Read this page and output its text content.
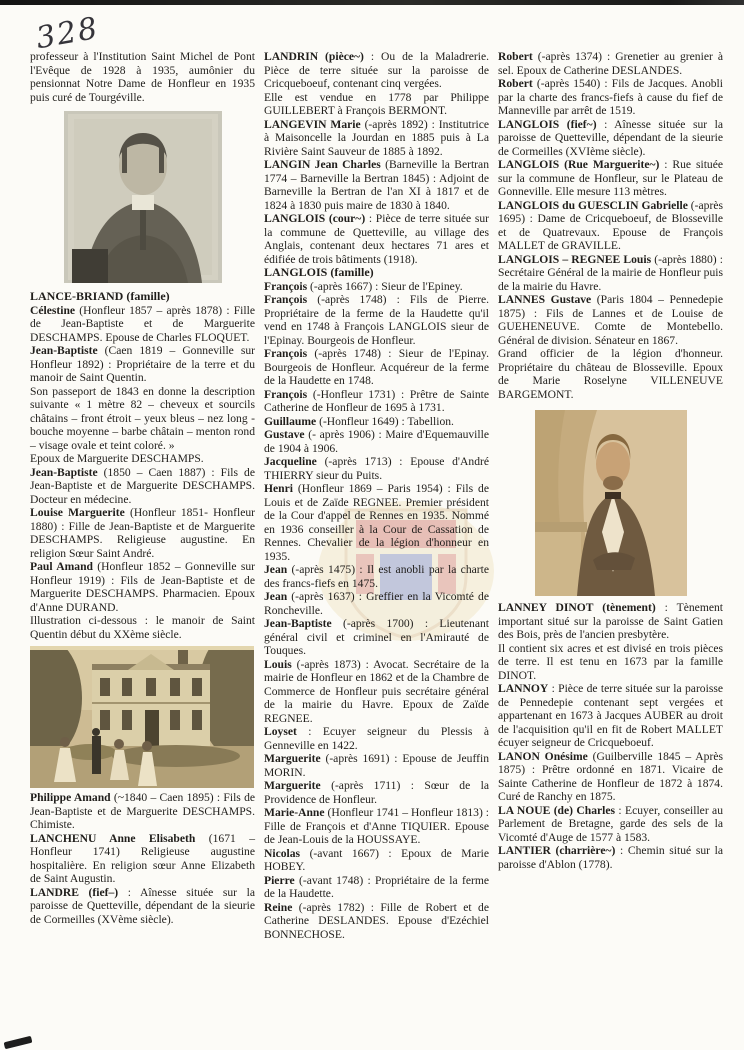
328

professeur à l'Institution Saint Michel de Pont l'Evêque de 1928 à 1935, aumônier du pensionnat Notre Dame de Honfleur en 1935 puis curé de Tourgéville.

LANCE-BRIAND (famille)

Célestine (Honfleur 1857 – après 1878) : Fille de Jean-Baptiste et de Marguerite DESCHAMPS. Epouse de Charles FLOQUET.

Jean-Baptiste (Caen 1819 – Gonneville sur Honfleur 1892) : Propriétaire de la terre et du manoir de Saint Quentin.

Son passeport de 1843 en donne la description suivante « 1 mètre 82 – cheveux et sourcils châtains – front étroit – yeux bleus – nez long - bouche moyenne – barbe châtain – menton rond – visage ovale et teint coloré. »

Epoux de Marguerite DESCHAMPS.

Jean-Baptiste (1850 – Caen 1887) : Fils de Jean-Baptiste et de Marguerite DESCHAMPS. Docteur en médecine.

Louise Marguerite (Honfleur 1851- Honfleur 1880) : Fille de Jean-Baptiste et de Marguerite DESCHAMPS. Religieuse augustine. En religion Sœur Saint André.

Paul Amand (Honfleur 1852 – Gonneville sur Honfleur 1919) : Fils de Jean-Baptiste et de Marguerite DESCHAMPS. Pharmacien. Epoux d'Anne DURAND.

Illustration ci-dessous : le manoir de Saint Quentin début du XXème siècle.

Philippe Amand (~1840 – Caen 1895) : Fils de Jean-Baptiste et de Marguerite DESCHAMPS. Chimiste.

LANCHENU Anne Elisabeth (1671 – Honfleur 1741) Religieuse augustine hospitalière. En religion sœur Anne Elizabeth de Saint Augustin.

LANDRE (fief–) : Aînesse située sur la paroisse de Quetteville, dépendant de la sieurie de Cormeilles (XVème siècle).

LANDRIN (pièce~) : Ou de la Maladrerie. Pièce de terre située sur la paroisse de Cricqueboeuf, contenant cinq vergées.

Elle est vendue en 1778 par Philippe GUILLEBERT à François BERMONT.

LANGEVIN Marie (-après 1892) : Institutrice à Maisoncelle la Jourdan en 1885 puis à La Rivière Saint Sauveur de 1885 à 1892.

LANGIN Jean Charles (Barneville la Bertran 1774 – Barneville la Bertran 1845) : Adjoint de Barneville la Bertran de l'an XI à 1817 et de 1824 à 1830 puis maire de 1830 à 1840.

LANGLOIS (cour~) : Pièce de terre située sur la commune de Quetteville, au village des Anglais, contenant deux hectares 71 ares et édifiée de trois bâtiments (1918).

LANGLOIS (famille)

François (-après 1667) : Sieur de l'Epiney.

François (-après 1748) : Fils de Pierre. Propriétaire de la ferme de la Haudette qu'il vend en 1748 à François LANGLOIS sieur de l'Epinay. Bourgeois de Honfleur.

François (-après 1748) : Sieur de l'Epinay. Bourgeois de Honfleur. Acquéreur de la ferme de la Haudette en 1748.

François (-Honfleur 1731) : Prêtre de Sainte Catherine de Honfleur de 1695 à 1731.

Guillaume (-Honfleur 1649) : Tabellion.

Gustave (- après 1906) : Maire d'Equemauville de 1904 à 1906.

Jacqueline (-après 1713) : Epouse d'André THIERRY sieur du Puits.

Henri (Honfleur 1869 – Paris 1954) : Fils de Louis et de Zaïde REGNEE. Premier président de la Cour d'appel de Rennes en 1935. Nommé en 1936 conseiller à la Cour de Cassation de Rennes. Chevalier de la légion d'honneur en 1935.

Jean (-après 1475) : Il est anobli par la charte des francs-fiefs en 1475.

Jean (-après 1637) : Greffier en la Vicomté de Roncheville.

Jean-Baptiste (-après 1700) : Lieutenant général civil et criminel en l'Amirauté de Touques.

Louis (-après 1873) : Avocat. Secrétaire de la mairie de Honfleur en 1862 et de la Chambre de Commerce de Honfleur puis secrétaire général de la mairie du Havre. Epoux de Zaïde REGNEE.

Loyset : Ecuyer seigneur du Plessis à Genneville en 1422.

Marguerite (-après 1691) : Epouse de Jeuffin MORIN.

Marguerite (-après 1711) : Sœur de la Providence de Honfleur.

Marie-Anne (Honfleur 1741 – Honfleur 1813) : Fille de François et d'Anne TIQUIER. Epouse de Jean-Louis de la HOUSSAYE.

Nicolas (-avant 1667) : Epoux de Marie HOBEY.

Pierre (-avant 1748) : Propriétaire de la ferme de la Haudette.

Reine (-après 1782) : Fille de Robert et de Catherine DESLANDES. Epouse d'Ezéchiel BONNECHOSE.

Robert (-après 1374) : Grenetier au grenier à sel. Epoux de Catherine DESLANDES.

Robert (-après 1540) : Fils de Jacques. Anobli par la charte des francs-fiefs à cause du fief de Manneville par arrêt de 1519.

LANGLOIS (fief~) : Aînesse située sur la paroisse de Quetteville, dépendant de la sieurie de Cormeilles (XVIème siècle).

LANGLOIS (Rue Marguerite~) : Rue située sur la commune de Honfleur, sur le Plateau de Gonneville. Elle mesure 113 mètres.

LANGLOIS du GUESCLIN Gabrielle (-après 1695) : Dame de Cricqueboeuf, de Blosseville et de Quatrevaux. Epouse de François MALLET de GRAVILLE.

LANGLOIS – REGNEE Louis (-après 1880) : Secrétaire Général de la mairie de Honfleur puis de la mairie du Havre.

LANNES Gustave (Paris 1804 – Pennedepie 1875) : Fils de Lannes et de Louise de GUEHENEUVE. Comte de Montebello. Général de division. Sénateur en 1867.

Grand officier de la légion d'honneur. Propriétaire du château de Blosseville. Epoux de Marie Roselyne VILLENEUVE BARGEMONT.

LANNEY DINOT (tènement) : Tènement important situé sur la paroisse de Saint Gatien des Bois, près de l'ancien presbytère.

Il contient six acres et est divisé en trois pièces de terre. Il est tenu en 1673 par la famille DINOT.

LANNOY : Pièce de terre située sur la paroisse de Pennedepie contenant sept vergées et appartenant en 1673 à Jacques AUBER au droit de l'acquisition qu'il en fit de Robert MALLET écuyer seigneur de Cricqueboeuf.

LANON Onésime (Guilberville 1845 – Après 1875) : Prêtre ordonné en 1871. Vicaire de Sainte Catherine de Honfleur de 1872 à 1874. Curé de Ranchy en 1875.

LA NOUE (de) Charles : Ecuyer, conseiller au Parlement de Bretagne, garde des sels de la Vicomté d'Auge de 1577 à 1583.

LANTIER (charrière~) : Chemin situé sur la paroisse d'Ablon (1778).
